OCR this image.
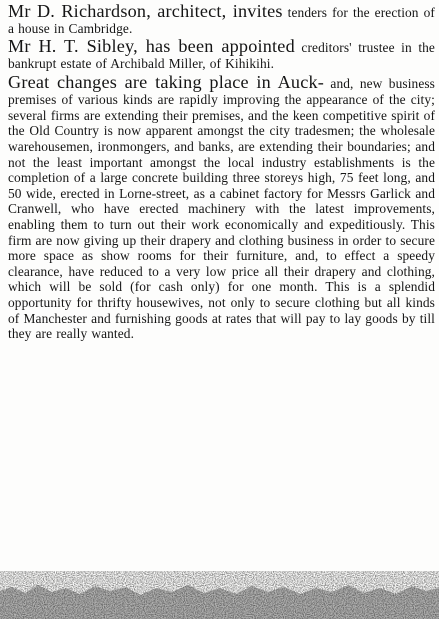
Mr D. Richardson, architect, invites tenders for the erection of a house in Cambridge.

Mr H. T. Sibley, has been appointed creditors' trustee in the bankrupt estate of Archibald Miller, of Kihikihi.

Great changes are taking place in Auck- and, new business premises of various kinds are rapidly improving the appearance of the city; several firms are extending their premises, and the keen competitive spirit of the Old Country is now apparent amongst the city tradesmen; the wholesale warehousemen, ironmongers, and banks, are extending their boundaries; and not the least important amongst the local industry establishments is the completion of a large concrete building three storeys high, 75 feet long, and 50 wide, erected in Lorne-street, as a cabinet factory for Messrs Garlick and Cranwell, who have erected machinery with the latest improvements, enabling them to turn out their work economically and expeditiously. This firm are now giving up their drapery and clothing business in order to secure more space as show rooms for their furniture, and, to effect a speedy clearance, have reduced to a very low price all their drapery and clothing, which will be sold (for cash only) for one month. This is a splendid opportunity for thrifty housewives, not only to secure clothing but all kinds of Manchester and furnishing goods at rates that will pay to lay goods by till they are really wanted.
